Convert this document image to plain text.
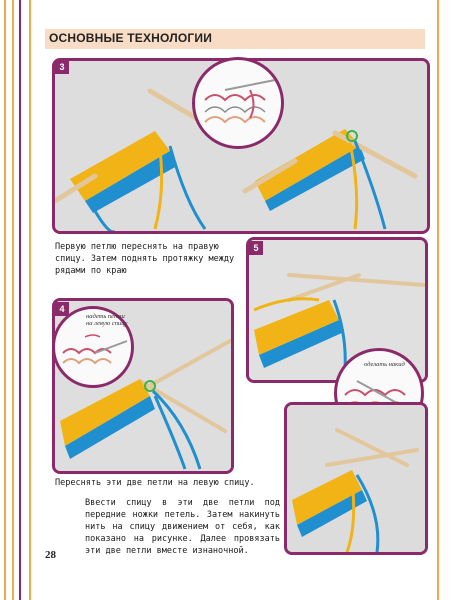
ОСНОВНЫЕ ТЕХНОЛОГИИ
3
Первую петлю переснять на правую спицу. Затем поднять протяжку между рядами по краю
5
4
надеть петли на левую спицу
оделать накид
Переснять эти две петли на левую спицу.
Ввести спицу в эти две петли под передние ножки петель. Затем накинуть нить на спицу движением от себя, как показано на рисунке. Далее провязать эти две петли вместе изнаночной.
28
